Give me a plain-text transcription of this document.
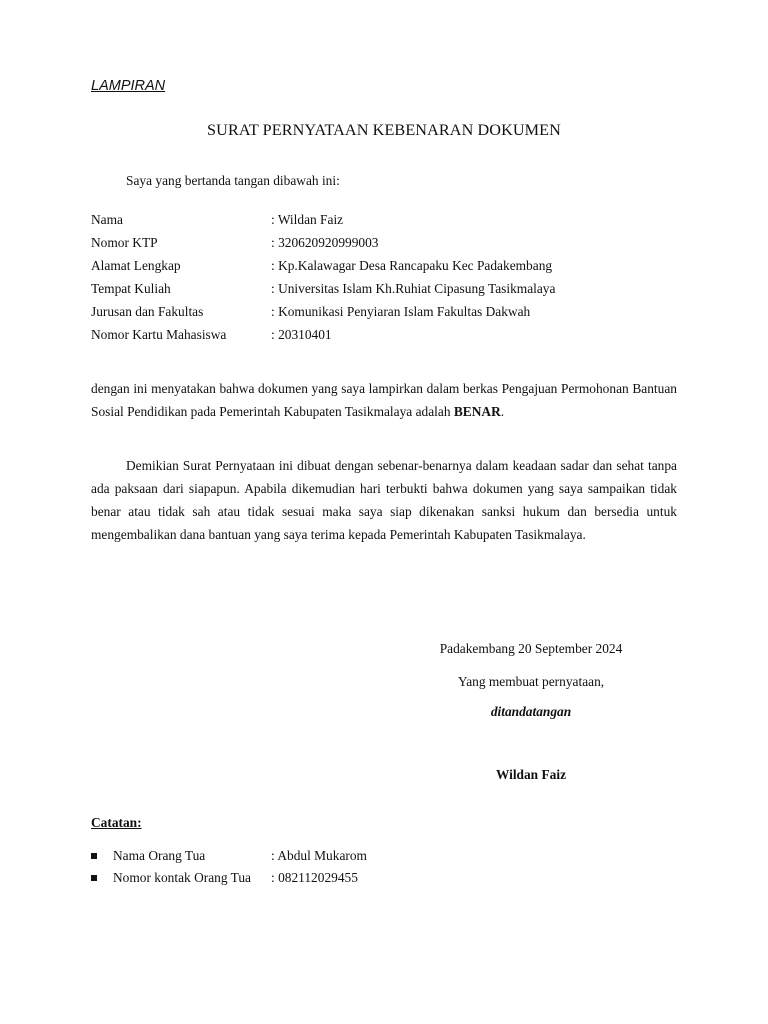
LAMPIRAN
SURAT PERNYATAAN KEBENARAN DOKUMEN
Saya yang bertanda tangan dibawah ini:
Nama	: Wildan Faiz
Nomor KTP	: 320620920999003
Alamat Lengkap	: Kp.Kalawagar Desa Rancapaku Kec Padakembang
Tempat Kuliah	: Universitas Islam Kh.Ruhiat Cipasung Tasikmalaya
Jurusan dan Fakultas	: Komunikasi Penyiaran Islam Fakultas Dakwah
Nomor Kartu Mahasiswa	: 20310401
dengan ini menyatakan bahwa dokumen yang saya lampirkan dalam berkas Pengajuan Permohonan Bantuan Sosial Pendidikan pada Pemerintah Kabupaten Tasikmalaya adalah BENAR.
Demikian Surat Pernyataan ini dibuat dengan sebenar-benarnya dalam keadaan sadar dan sehat tanpa ada paksaan dari siapapun. Apabila dikemudian hari terbukti bahwa dokumen yang saya sampaikan tidak benar atau tidak sah atau tidak sesuai maka saya siap dikenakan sanksi hukum dan bersedia untuk mengembalikan dana bantuan yang saya terima kepada Pemerintah Kabupaten Tasikmalaya.
Padakembang 20 September 2024
Yang membuat pernyataan,
ditandatangan
Wildan Faiz
Catatan:
Nama Orang Tua	: Abdul Mukarom
Nomor kontak Orang Tua	: 082112029455
